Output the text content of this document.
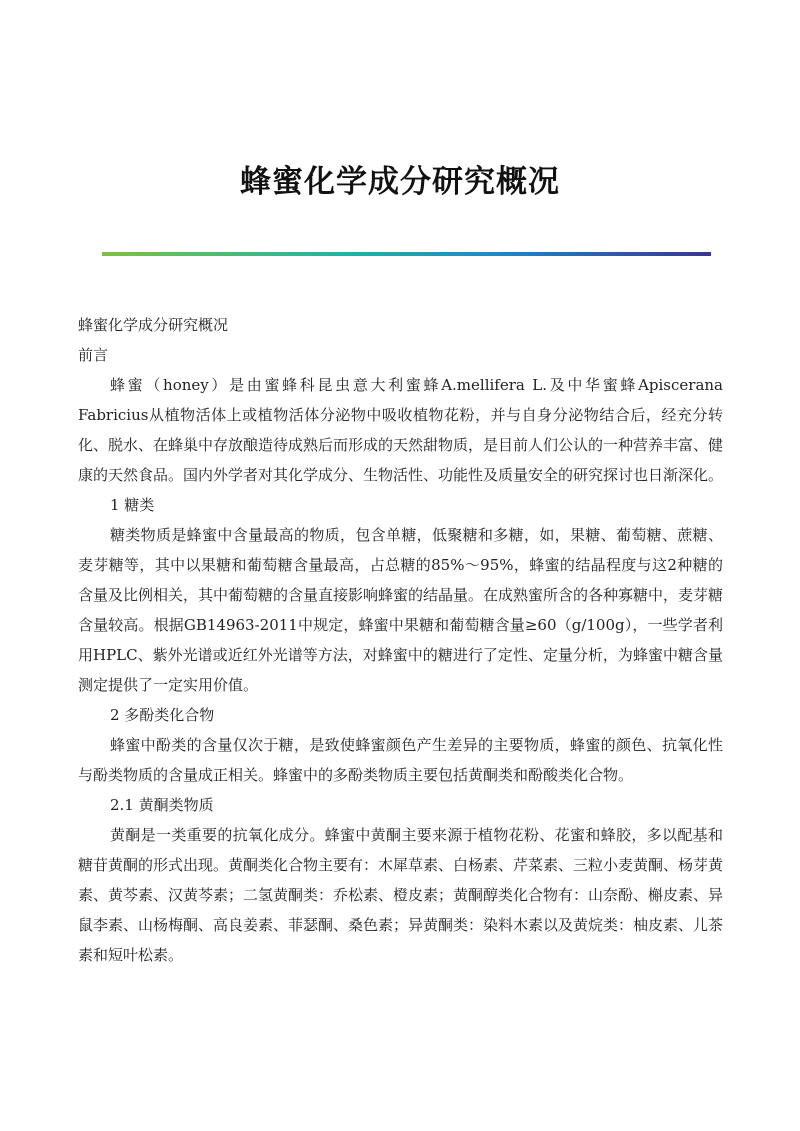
蜂蜜化学成分研究概况

蜂蜜化学成分研究概况

前言

蜂蜜（honey）是由蜜蜂科昆虫意大利蜜蜂A.mellifera L.及中华蜜蜂Apiscerana Fabricius从植物活体上或植物活体分泌物中吸收植物花粉，并与自身分泌物结合后，经充分转化、脱水、在蜂巢中存放酿造待成熟后而形成的天然甜物质，是目前人们公认的一种营养丰富、健康的天然食品。国内外学者对其化学成分、生物活性、功能性及质量安全的研究探讨也日渐深化。

1 糖类

糖类物质是蜂蜜中含量最高的物质，包含单糖，低聚糖和多糖，如，果糖、葡萄糖、蔗糖、麦芽糖等，其中以果糖和葡萄糖含量最高，占总糖的85%～95%，蜂蜜的结晶程度与这2种糖的含量及比例相关，其中葡萄糖的含量直接影响蜂蜜的结晶量。在成熟蜜所含的各种寡糖中，麦芽糖含量较高。根据GB14963-2011中规定，蜂蜜中果糖和葡萄糖含量≥60（g/100g），一些学者利用HPLC、紫外光谱或近红外光谱等方法，对蜂蜜中的糖进行了定性、定量分析，为蜂蜜中糖含量测定提供了一定实用价值。

2 多酚类化合物

蜂蜜中酚类的含量仅次于糖，是致使蜂蜜颜色产生差异的主要物质，蜂蜜的颜色、抗氧化性与酚类物质的含量成正相关。蜂蜜中的多酚类物质主要包括黄酮类和酚酸类化合物。

2.1 黄酮类物质

黄酮是一类重要的抗氧化成分。蜂蜜中黄酮主要来源于植物花粉、花蜜和蜂胶，多以配基和糖苷黄酮的形式出现。黄酮类化合物主要有：木犀草素、白杨素、芹菜素、三粒小麦黄酮、杨芽黄素、黄芩素、汉黄芩素；二氢黄酮类：乔松素、橙皮素；黄酮醇类化合物有：山奈酚、槲皮素、异鼠李素、山杨梅酮、高良姜素、菲瑟酮、桑色素；异黄酮类：染料木素以及黄烷类：柚皮素、儿茶素和短叶松素。
